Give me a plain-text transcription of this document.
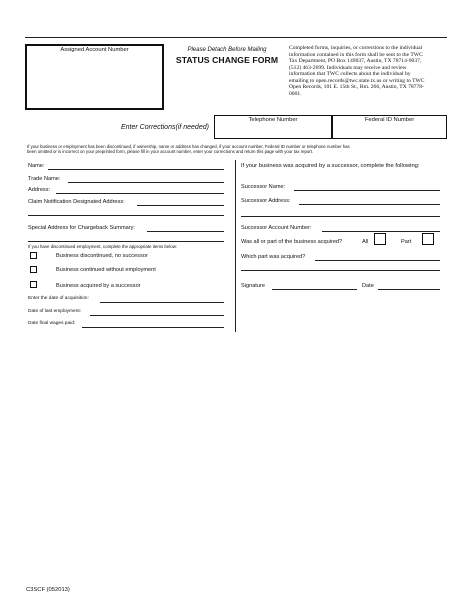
Assigned Account Number	Please Detach Before Mailing
STATUS CHANGE FORM
Completed forms, inquiries, or corrections to the individual
information contained in this form shall be sent to the TWC
Tax Department, PO Box 149037, Austin, TX 78714-9037,
(512) 463-2699. Individuals may receive and review
information that TWC collects about the individual by
emailing to open.records@twc.state.tx.us or writing to TWC
Open Records, 101 E. 15th St., Rm. 266, Austin, TX 78778-
0001.
Enter Corrections(if needed)
Telephone Number	Federal ID Number
If your business or employment has been discontinued, if ownership, name or address has changed, if your account number, Federal ID number or telephone number has
been omitted or is incorrect on your preprinted form, please fill in your account number, enter your corrections and return this page with your tax report.
Name:
Trade Name:
Address:
Claim Notification Designated Address:
Special Address for Chargeback Summary:
If you have discontinued employment, complete the appropriate items below:
Business discontinued, no successor
Business continued without employment
Business acquired by a successor
Enter the date of acquisition:
Date of last employment:
Date final wages paid:
If your business was acquired by a successor, complete the following:
Successor Name:
Successor Address:
Successor Account Number:
Was all or part of the business acquired?	All	Part
Which part was acquired?
Signature	Date
C3SCF (052013)
